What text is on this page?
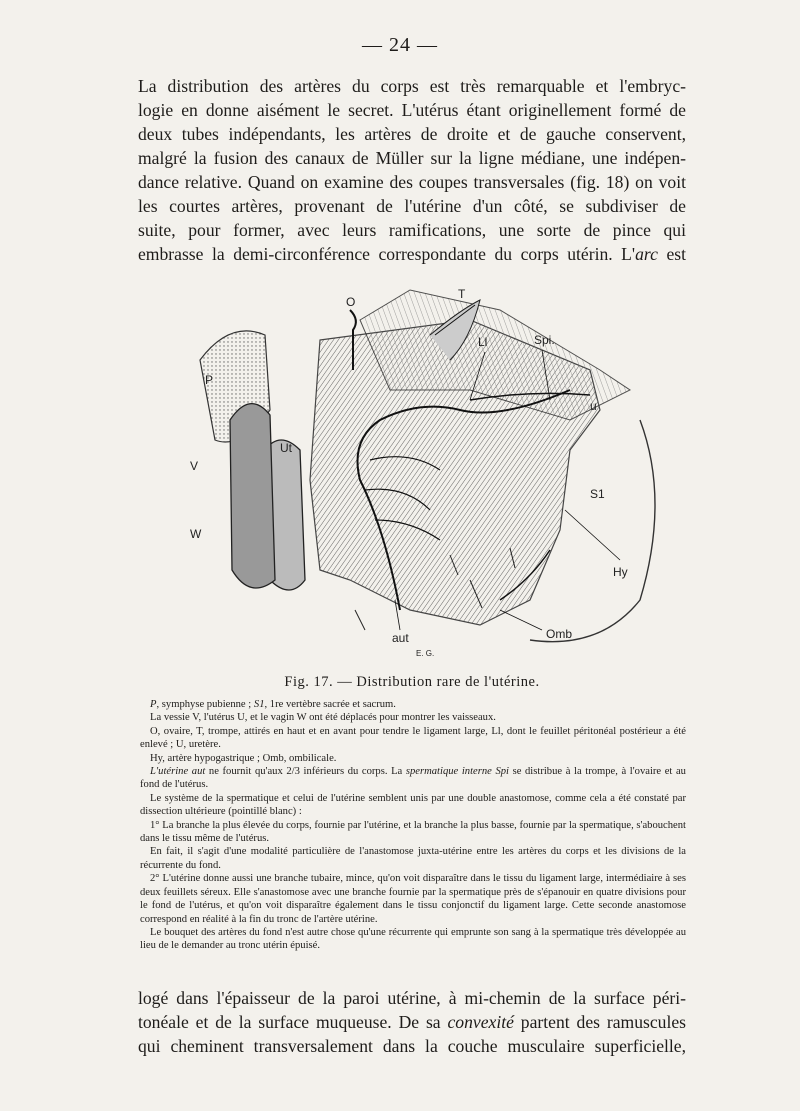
— 24 —
La distribution des artères du corps est très remarquable et l'embryc-
logie en donne aisément le secret. L'utérus étant originellement formé de
deux tubes indépendants, les artères de droite et de gauche conservent,
malgré la fusion des canaux de Müller sur la ligne médiane, une indépen-
dance relative. Quand on examine des coupes transversales (fig. 18) on voit
les courtes artères, provenant de l'utérine d'un côté, se subdiviser de
suite, pour former, avec leurs ramifications, une sorte de pince qui
embrasse la demi-circonférence correspondante du corps utérin. L'arc est
O
T
Ll	Spi.
u
P
Ut
V
W
S1
Hy
Omb
aut
E. G.
Fig. 17. — Distribution rare de l'utérine.

P, symphyse pubienne ; S1, 1re vertèbre sacrée et sacrum.

La vessie V, l'utérus U, et le vagin W ont été déplacés pour montrer les vaisseaux.

O, ovaire, T, trompe, attirés en haut et en avant pour tendre le ligament large, Ll, dont le feuillet péritonéal postérieur a été enlevé ; U, uretère.

Hy, artère hypogastrique ; Omb, ombilicale.

L'utérine aut ne fournit qu'aux 2/3 inférieurs du corps. La spermatique interne Spi se distribue à la trompe, à l'ovaire et au fond de l'utérus.

Le système de la spermatique et celui de l'utérine semblent unis par une double anastomose, comme cela a été constaté par dissection ultérieure (pointillé blanc) :

1° La branche la plus élevée du corps, fournie par l'utérine, et la branche la plus basse, fournie par la spermatique, s'abouchent dans le tissu même de l'utérus.

En fait, il s'agit d'une modalité particulière de l'anastomose juxta-utérine entre les artères du corps et les divisions de la récurrente du fond.

2° L'utérine donne aussi une branche tubaire, mince, qu'on voit disparaître dans le tissu du ligament large, intermédiaire à ses deux feuillets séreux. Elle s'anastomose avec une branche fournie par la spermatique près de s'épanouir en quatre divisions pour le fond de l'utérus, et qu'on voit disparaître également dans le tissu conjonctif du ligament large. Cette seconde anastomose correspond en réalité à la fin du tronc de l'artère utérine.

Le bouquet des artères du fond n'est autre chose qu'une récurrente qui emprunte son sang à la spermatique très développée au lieu de le demander au tronc utérin épuisé.

logé dans l'épaisseur de la paroi utérine, à mi-chemin de la surface péri-
tonéale et de la surface muqueuse. De sa convexité partent des ramuscules
qui cheminent transversalement dans la couche musculaire superficielle,
